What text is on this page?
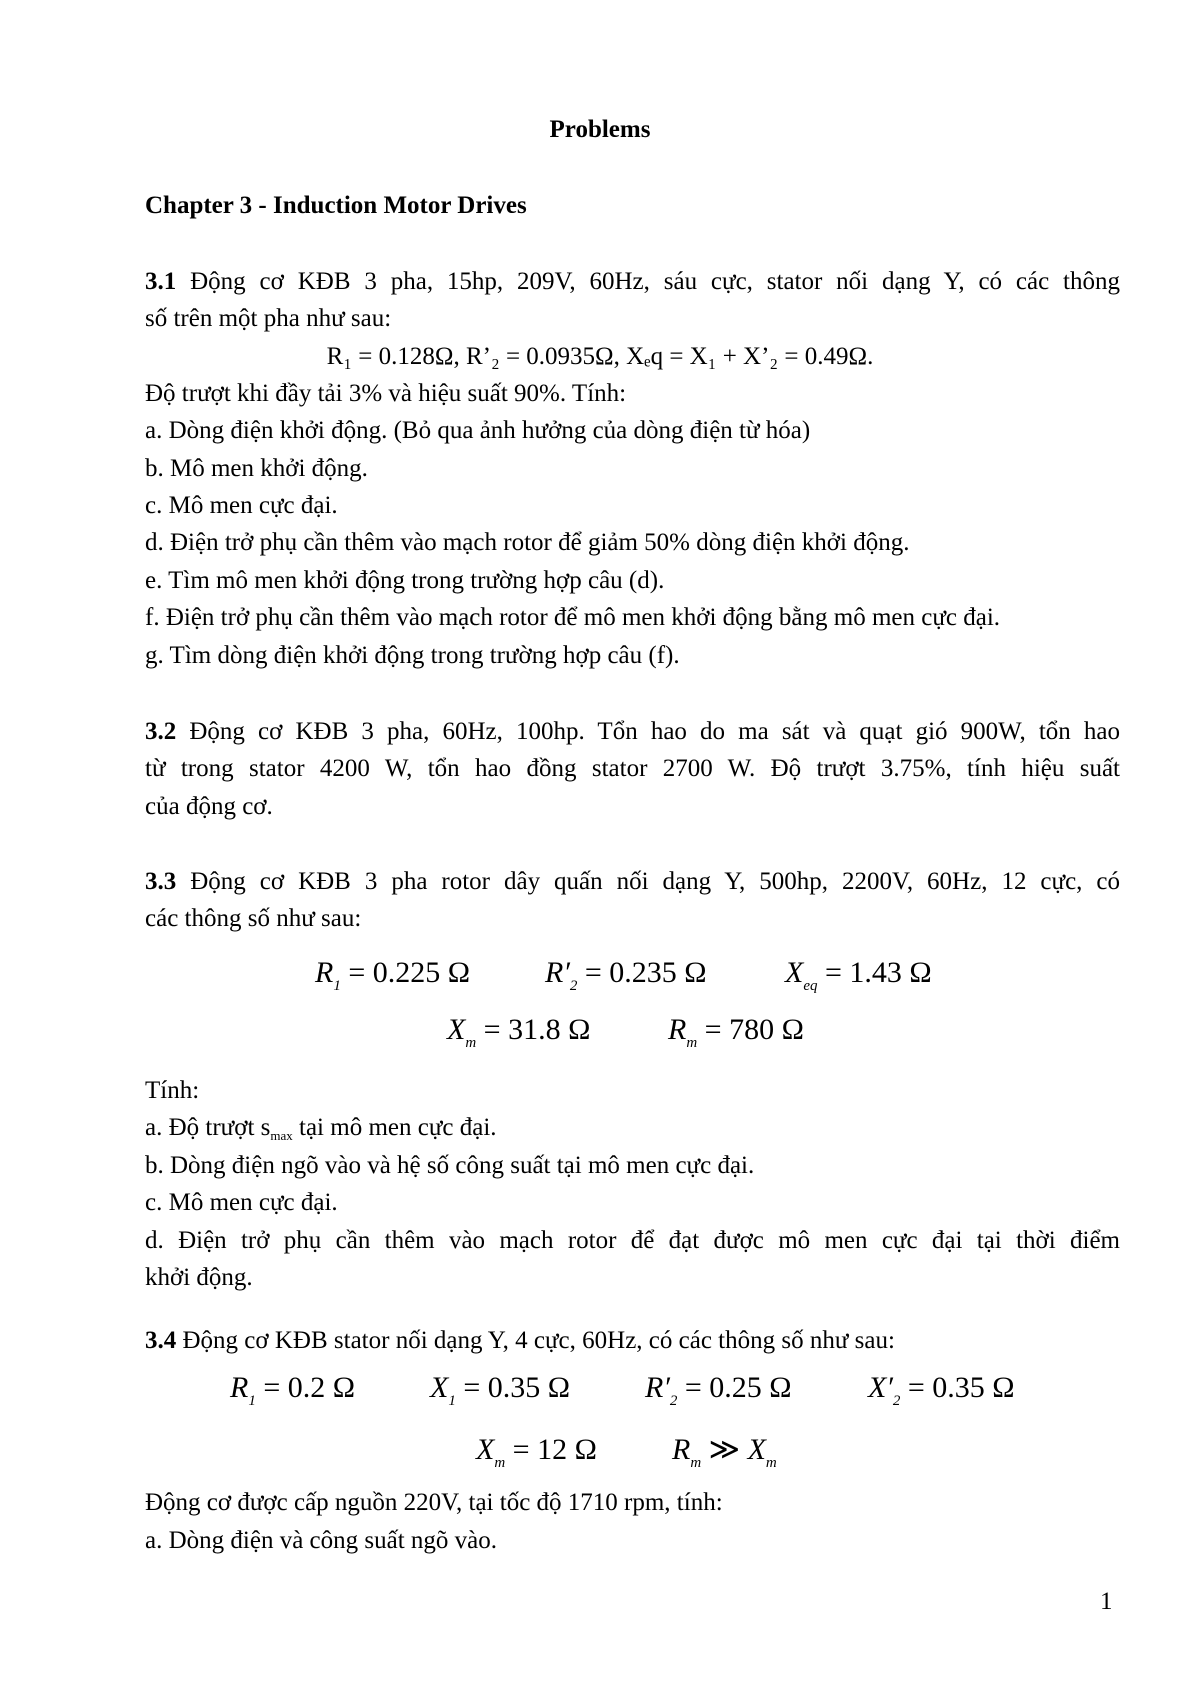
Problems
Chapter 3 - Induction Motor Drives
3.1 Động cơ KĐB 3 pha, 15hp, 209V, 60Hz, sáu cực, stator nối dạng Y, có các thông
số trên một pha như sau:
R₁ = 0.128Ω, R’₂ = 0.0935Ω, Xₑq = X₁ + X’₂ = 0.49Ω.
Độ trượt khi đầy tải 3% và hiệu suất 90%. Tính:
a. Dòng điện khởi động. (Bỏ qua ảnh hưởng của dòng điện từ hóa)
b. Mô men khởi động.
c. Mô men cực đại.
d. Điện trở phụ cần thêm vào mạch rotor để giảm 50% dòng điện khởi động.
e. Tìm mô men khởi động trong trường hợp câu (d).
f. Điện trở phụ cần thêm vào mạch rotor để mô men khởi động bằng mô men cực đại.
g. Tìm dòng điện khởi động trong trường hợp câu (f).
3.2 Động cơ KĐB 3 pha, 60Hz, 100hp. Tổn hao do ma sát và quạt gió 900W, tổn hao
từ trong stator 4200 W, tổn hao đồng stator 2700 W. Độ trượt 3.75%, tính hiệu suất
của động cơ.
3.3 Động cơ KĐB 3 pha rotor dây quấn nối dạng Y, 500hp, 2200V, 60Hz, 12 cực, có
các thông số như sau:
$R_1 = 0.225$ Ω $R'_2 = 0.235$ Ω	$X_{eq} = 1.43$ Ω
$X_m = 31.8$ Ω	$R_m = 780$ Ω
Tính:
a. Độ trượt $s_{max}$ tại mô men cực đại.
b. Dòng điện ngõ vào và hệ số công suất tại mô men cực đại.
c. Mô men cực đại.
d. Điện trở phụ cần thêm vào mạch rotor để đạt được mô men cực đại tại thời điểm
khởi động.
3.4 Động cơ KĐB stator nối dạng Y, 4 cực, 60Hz, có các thông số như sau:
$R_1 = 0.2$ Ω $X_1 = 0.35$ Ω $R'_2 = 0.25$ Ω	$X'_2 = 0.35$ Ω
$X_m = 12$ Ω	$R_m$ ≫ $X_m$
Động cơ được cấp nguồn 220V, tại tốc độ 1710 rpm, tính:
a. Dòng điện và công suất ngõ vào.
1
